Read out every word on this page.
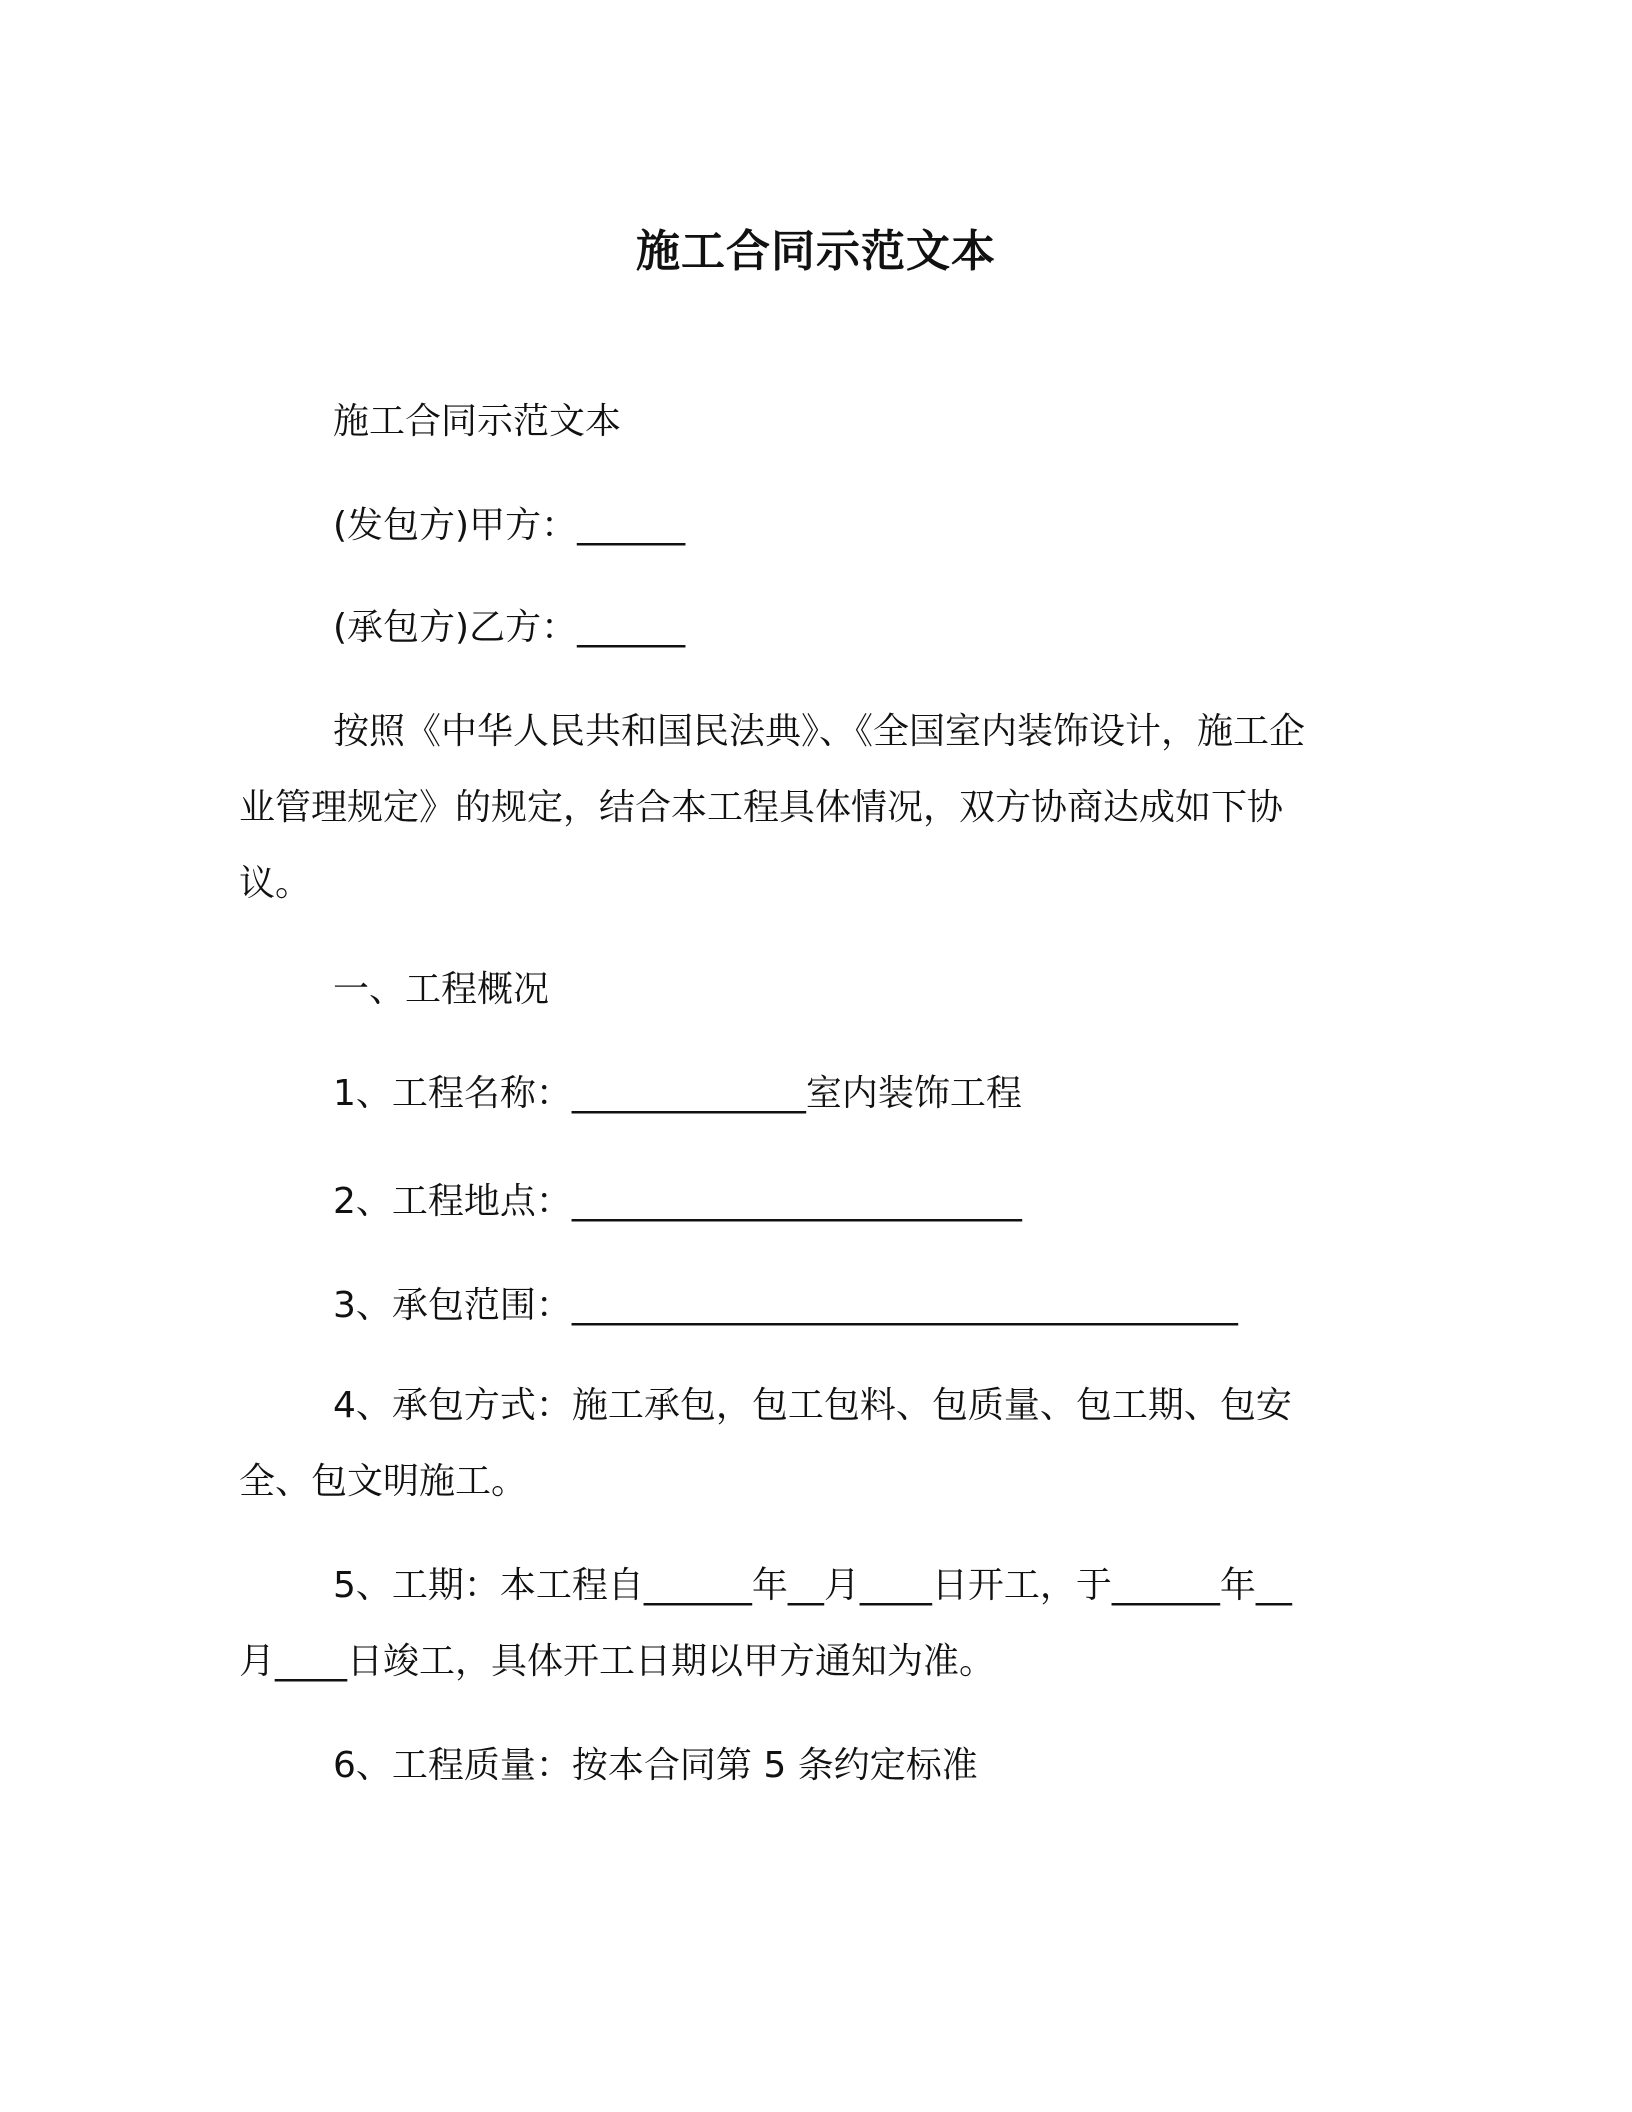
施工合同示范文本
施工合同示范文本
(发包方)甲方：______
(承包方)乙方：______
按照《中华人民共和国民法典》、《全国室内装饰设计，施工企
业管理规定》的规定，结合本工程具体情况，双方协商达成如下协
议。
一、工程概况
1、工程名称：_____________室内装饰工程
2、工程地点：_________________________
3、承包范围：_____________________________________
4、承包方式：施工承包，包工包料、包质量、包工期、包安
全、包文明施工。
5、工期：本工程自______年__月____日开工，于______年__
月____日竣工，具体开工日期以甲方通知为准。
6、工程质量：按本合同第 5 条约定标准
